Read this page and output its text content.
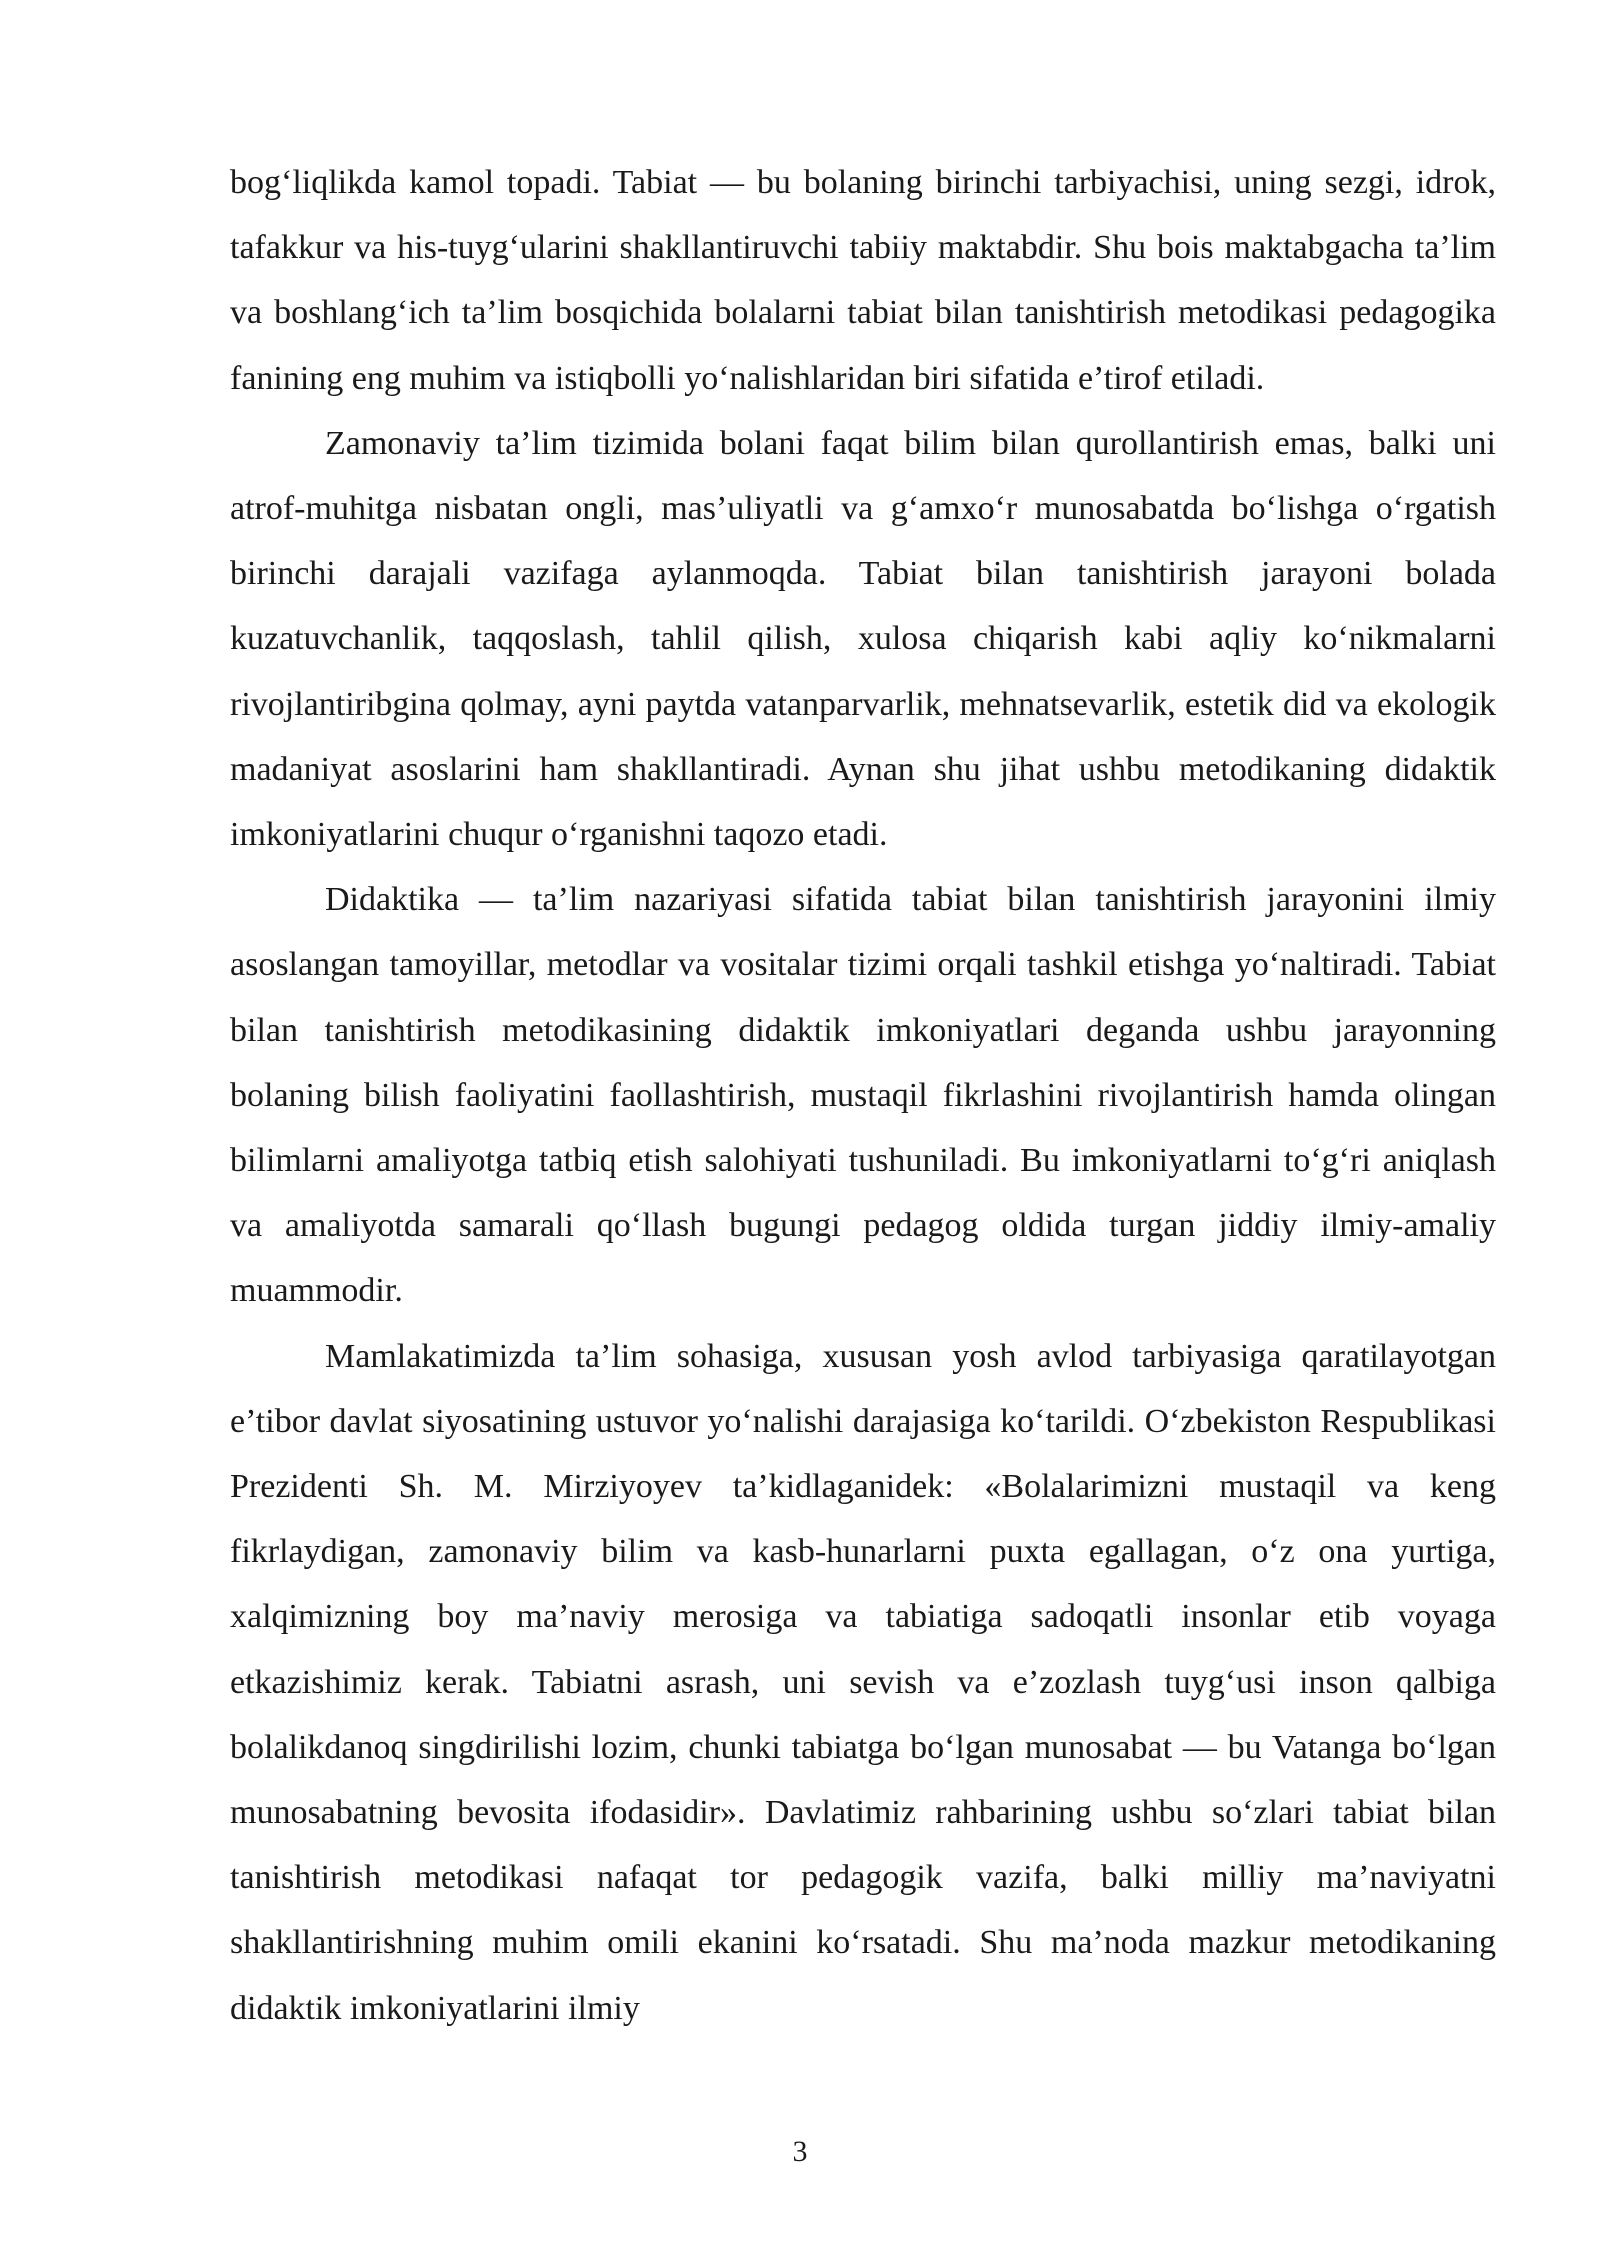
bog‘liqlikda kamol topadi. Tabiat — bu bolaning birinchi tarbiyachisi, uning sezgi, idrok, tafakkur va his-tuyg‘ularini shakllantiruvchi tabiiy maktabdir. Shu bois maktabgacha ta’lim va boshlang‘ich ta’lim bosqichida bolalarni tabiat bilan tanishtirish metodikasi pedagogika fanining eng muhim va istiqbolli yo‘nalishlaridan biri sifatida e’tirof etiladi.

Zamonaviy ta’lim tizimida bolani faqat bilim bilan qurollantirish emas, balki uni atrof-muhitga nisbatan ongli, mas’uliyatli va g‘amxo‘r munosabatda bo‘lishga o‘rgatish birinchi darajali vazifaga aylanmoqda. Tabiat bilan tanishtirish jarayoni bolada kuzatuvchanlik, taqqoslash, tahlil qilish, xulosa chiqarish kabi aqliy ko‘nikmalarni rivojlantiribgina qolmay, ayni paytda vatanparvarlik, mehnatsevarlik, estetik did va ekologik madaniyat asoslarini ham shakllantiradi. Aynan shu jihat ushbu metodikaning didaktik imkoniyatlarini chuqur o‘rganishni taqozo etadi.

Didaktika — ta’lim nazariyasi sifatida tabiat bilan tanishtirish jarayonini ilmiy asoslangan tamoyillar, metodlar va vositalar tizimi orqali tashkil etishga yo‘naltiradi. Tabiat bilan tanishtirish metodikasining didaktik imkoniyatlari deganda ushbu jarayonning bolaning bilish faoliyatini faollashtirish, mustaqil fikrlashini rivojlantirish hamda olingan bilimlarni amaliyotga tatbiq etish salohiyati tushuniladi. Bu imkoniyatlarni to‘g‘ri aniqlash va amaliyotda samarali qo‘llash bugungi pedagog oldida turgan jiddiy ilmiy-amaliy muammodir.

Mamlakatimizda ta’lim sohasiga, xususan yosh avlod tarbiyasiga qaratilayotgan e’tibor davlat siyosatining ustuvor yo‘nalishi darajasiga ko‘tarildi. O‘zbekiston Respublikasi Prezidenti Sh. M. Mirziyoyev ta’kidlaganidek: «Bolalarimizni mustaqil va keng fikrlaydigan, zamonaviy bilim va kasb-hunarlarni puxta egallagan, o‘z ona yurtiga, xalqimizning boy ma’naviy merosiga va tabiatiga sadoqatli insonlar etib voyaga etkazishimiz kerak. Tabiatni asrash, uni sevish va e’zozlash tuyg‘usi inson qalbiga bolalikdanoq singdirilishi lozim, chunki tabiatga bo‘lgan munosabat — bu Vatanga bo‘lgan munosabatning bevosita ifodasidir». Davlatimiz rahbarining ushbu so‘zlari tabiat bilan tanishtirish metodikasi nafaqat tor pedagogik vazifa, balki milliy ma’naviyatni shakllantirishning muhim omili ekanini ko‘rsatadi. Shu ma’noda mazkur metodikaning didaktik imkoniyatlarini ilmiy

3
